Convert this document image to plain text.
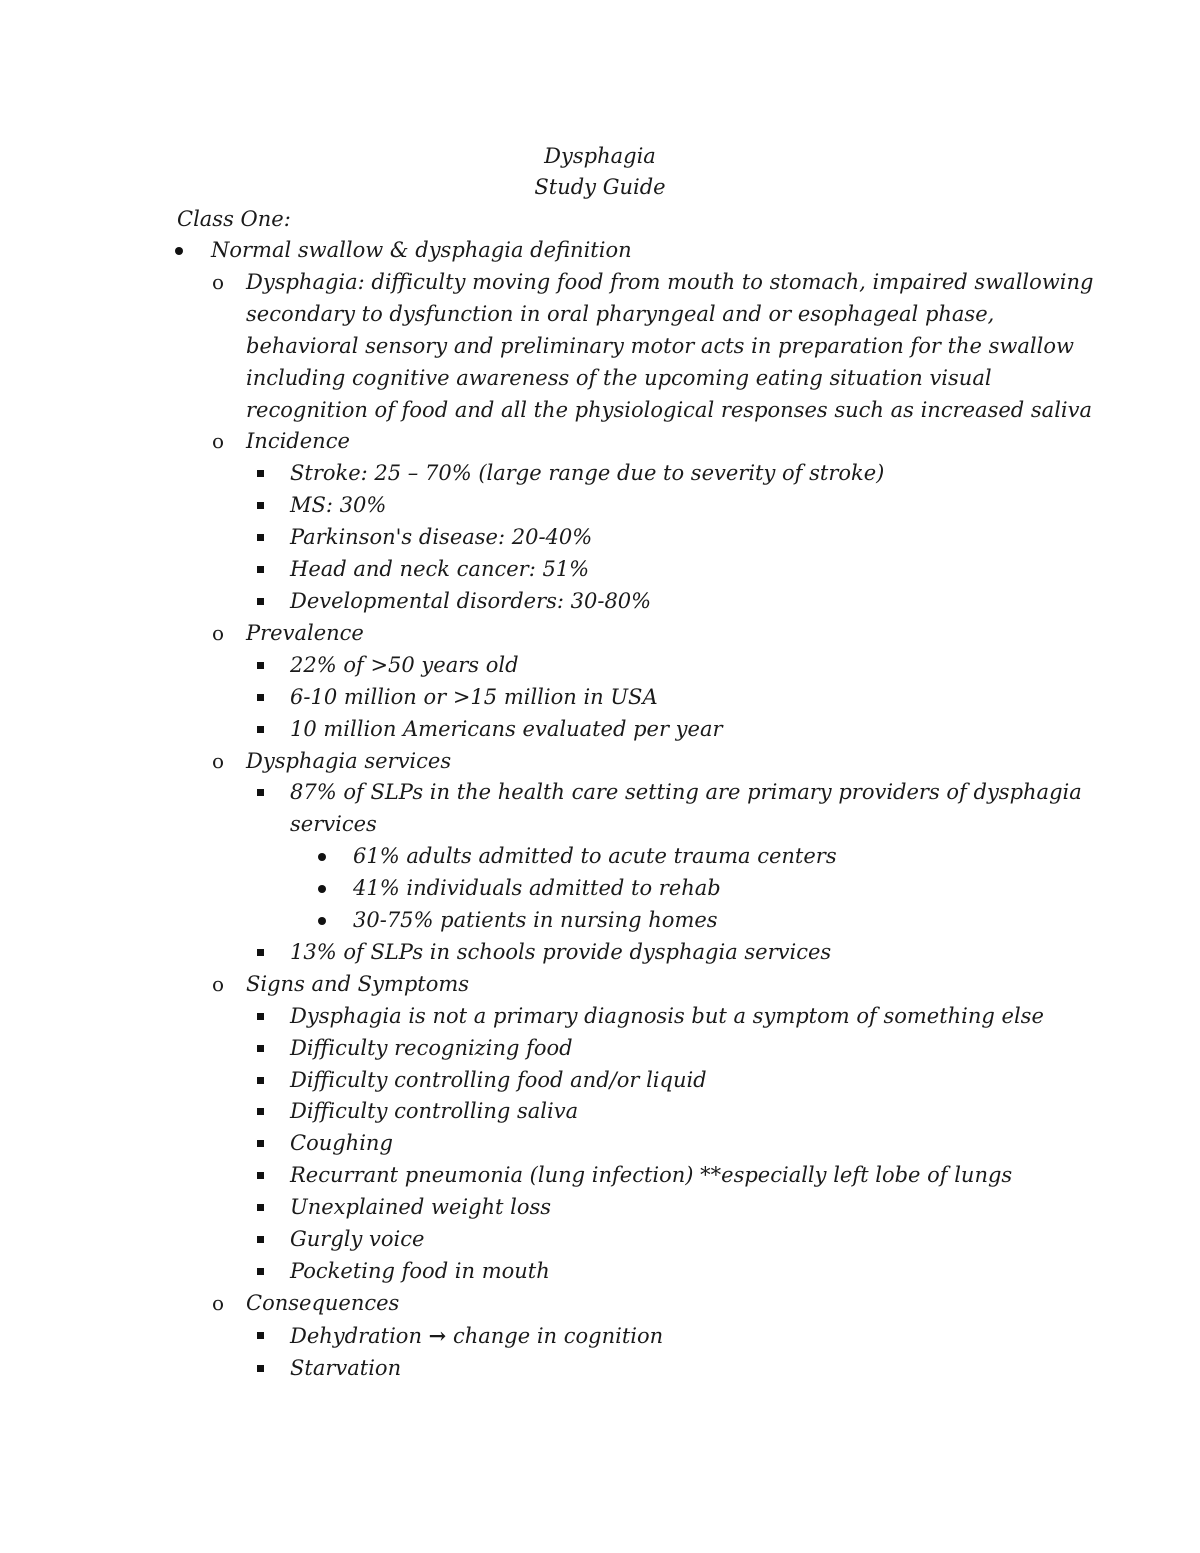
Dysphagia
Study Guide
Class One:
Normal swallow & dysphagia definition
o Dysphagia: difficulty moving food from mouth to stomach, impaired swallowing
secondary to dysfunction in oral pharyngeal and or esophageal phase,
behavioral sensory and preliminary motor acts in preparation for the swallow
including cognitive awareness of the upcoming eating situation visual
recognition of food and all the physiological responses such as increased saliva
o Incidence
Stroke: 25 – 70% (large range due to severity of stroke)
MS: 30%
Parkinson's disease: 20-40%
Head and neck cancer: 51%
Developmental disorders: 30-80%
o Prevalence
22% of >50 years old
6-10 million or >15 million in USA
10 million Americans evaluated per year
o Dysphagia services
87% of SLPs in the health care setting are primary providers of dysphagia
services
61% adults admitted to acute trauma centers
41% individuals admitted to rehab
30-75% patients in nursing homes
13% of SLPs in schools provide dysphagia services
o Signs and Symptoms
Dysphagia is not a primary diagnosis but a symptom of something else
Difficulty recognizing food
Difficulty controlling food and/or liquid
Difficulty controlling saliva
Coughing
Recurrant pneumonia (lung infection) **especially left lobe of lungs
Unexplained weight loss
Gurgly voice
Pocketing food in mouth
o Consequences
Dehydration → change in cognition
Starvation
